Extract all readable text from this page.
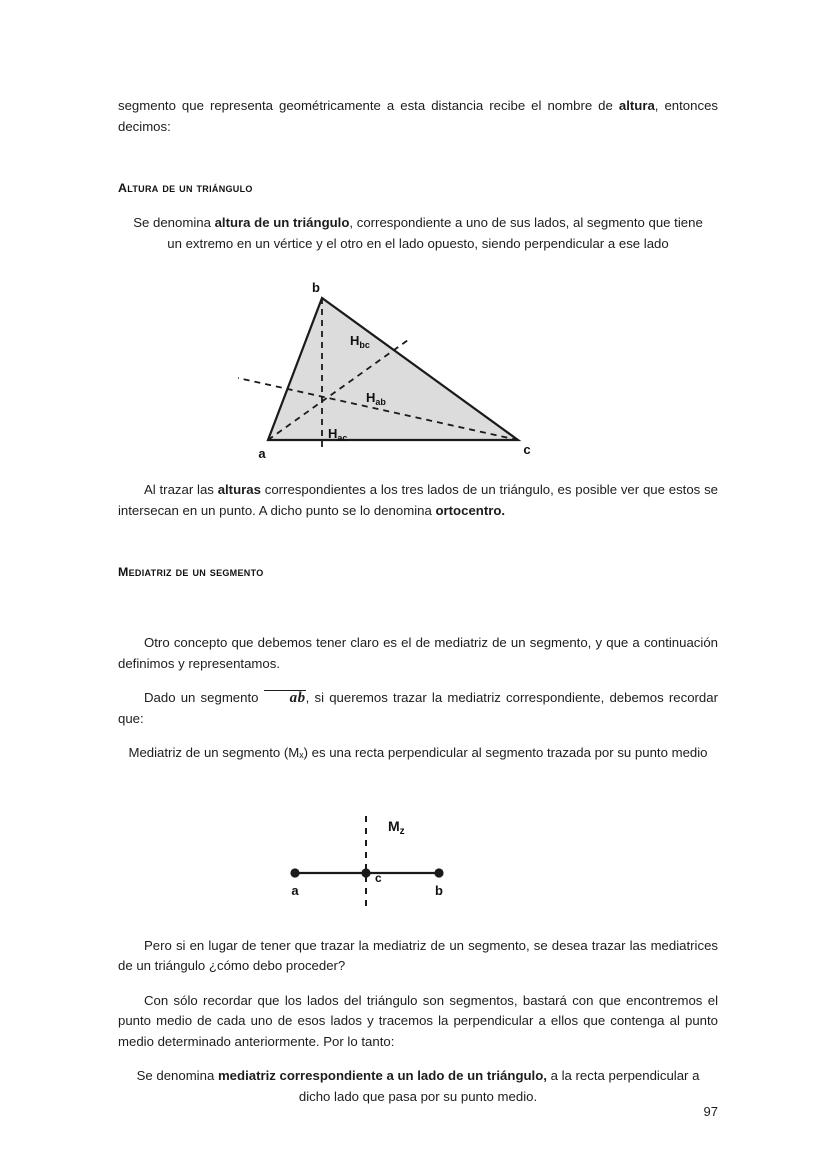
segmento que representa geométricamente a esta distancia recibe el nombre de altura, entonces decimos:

Altura de un triángulo

Se denomina altura de un triángulo, correspondiente a uno de sus lados, al segmento que tiene un extremo en un vértice y el otro en el lado opuesto, siendo perpendicular a ese lado

b
a	c
$H_{bc}$
$H_{ab}$
$H_{ac}$

Al trazar las alturas correspondientes a los tres lados de un triángulo, es posible ver que estos se intersecan en un punto. A dicho punto se lo denomina ortocentro.

Mediatriz de un segmento

Otro concepto que debemos tener claro es el de mediatriz de un segmento, y que a continuación definimos y representamos.

Dado un segmento ab, si queremos trazar la mediatriz correspondiente, debemos recordar que:

Mediatriz de un segmento (Mₓ) es una recta perpendicular al segmento trazada por su punto medio

a
c
b
$M_z$

Pero si en lugar de tener que trazar la mediatriz de un segmento, se desea trazar las mediatrices de un triángulo ¿cómo debo proceder?

Con sólo recordar que los lados del triángulo son segmentos, bastará con que encontremos el punto medio de cada uno de esos lados y tracemos la perpendicular a ellos que contenga al punto medio determinado anteriormente. Por lo tanto:

Se denomina mediatriz correspondiente a un lado de un triángulo, a la recta perpendicular a dicho lado que pasa por su punto medio.

97
